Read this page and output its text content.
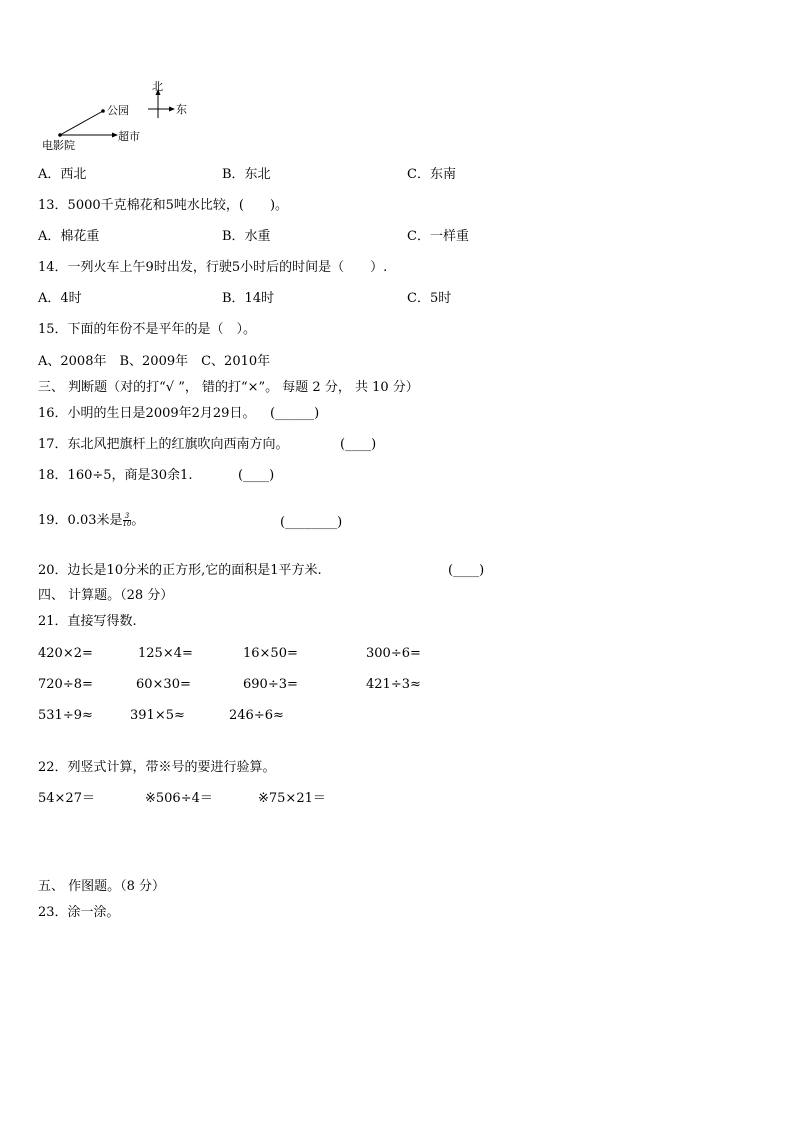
北
东
公园
超市
电影院
A．西北	B．东北	C．东南
13．5000千克棉花和5吨水比较，(　　)。
A．棉花重	B．水重	C．一样重
14．一列火车上午9时出发，行驶5小时后的时间是（　　）.
A．4时	B．14时	C．5时
15．下面的年份不是平年的是（　）。
A、2008年　B、2009年　C、2010年
三、 判断题（对的打“√ ”， 错的打“×”。 每题 2 分， 共 10 分）
16．小明的生日是2009年2月29日。 (______)
17．东北风把旗杆上的红旗吹向西南方向。	(____)
18．160÷5，商是30余1.	(____)
19．0.03米是 $\frac{3}{10}$ 。	(________)
20．边长是10分米的正方形,它的面积是1平方米.	(____)
四、 计算题。（28 分）
21．直接写得数.
420×2=	125×4=	16×50=	300÷6=
720÷8=	60×30=	690÷3=	421÷3≈
531÷9≈	391×5≈	246÷6≈
22．列竖式计算，带※号的要进行验算。
54×27＝	※506÷4＝	※75×21＝
五、 作图题。（8 分）
23．涂一涂。
